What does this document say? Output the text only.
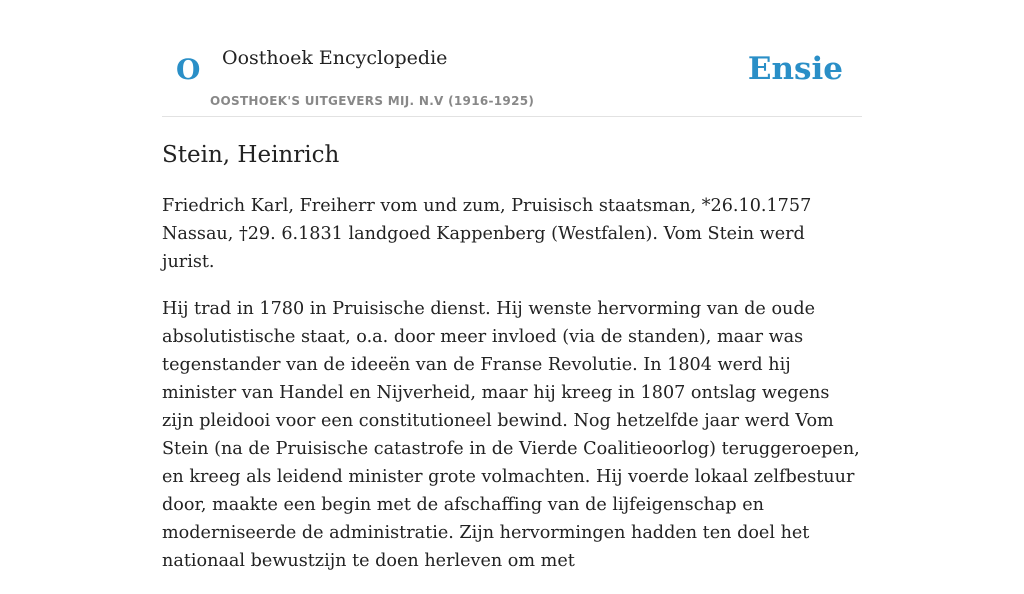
O Oosthoek Encyclopedie
OOSTHOEK'S UITGEVERS MIJ. N.V (1916-1925)
Ensie
Stein, Heinrich

Friedrich Karl, Freiherr vom und zum, Pruisisch staatsman, *26.10.1757 Nassau, †29. 6.1831 landgoed Kappenberg (Westfalen). Vom Stein werd jurist.

Hij trad in 1780 in Pruisische dienst. Hij wenste hervorming van de oude absolutistische staat, o.a. door meer invloed (via de standen), maar was tegenstander van de ideeën van de Franse Revolutie. In 1804 werd hij minister van Handel en Nijverheid, maar hij kreeg in 1807 ontslag wegens zijn pleidooi voor een constitutioneel bewind. Nog hetzelfde jaar werd Vom Stein (na de Pruisische catastrofe in de Vierde Coalitieoorlog) teruggeroepen, en kreeg als leidend minister grote volmachten. Hij voerde lokaal zelfbestuur door, maakte een begin met de afschaffing van de lijfeigenschap en moderniseerde de administratie. Zijn hervormingen hadden ten doel het nationaal bewustzijn te doen herleven om met
